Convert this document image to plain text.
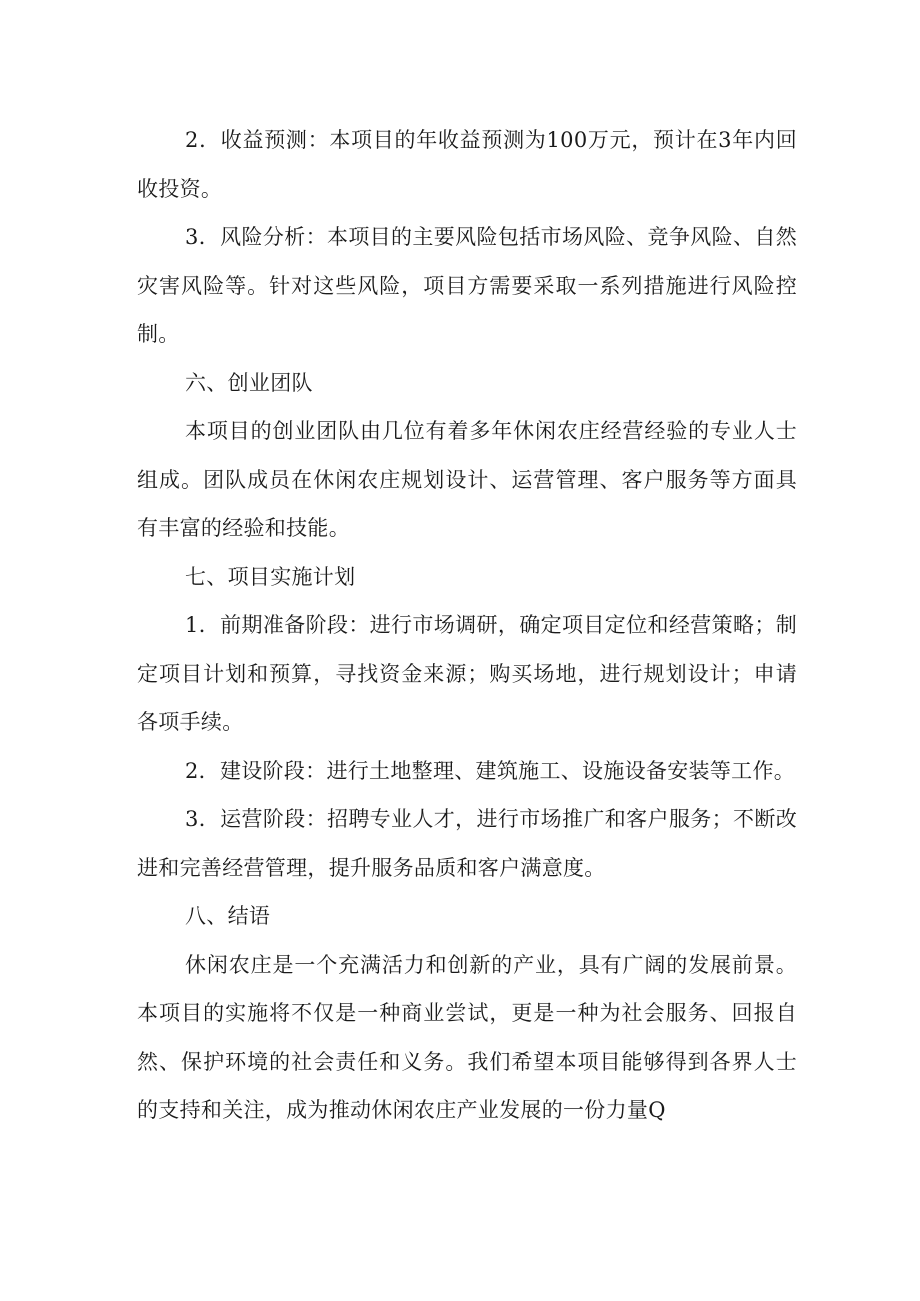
2．收益预测：本项目的年收益预测为100万元，预计在3年内回收投资。

3．风险分析：本项目的主要风险包括市场风险、竞争风险、自然灾害风险等。针对这些风险，项目方需要采取一系列措施进行风险控制。

六、创业团队

本项目的创业团队由几位有着多年休闲农庄经营经验的专业人士组成。团队成员在休闲农庄规划设计、运营管理、客户服务等方面具有丰富的经验和技能。

七、项目实施计划

1．前期准备阶段：进行市场调研，确定项目定位和经营策略；制定项目计划和预算，寻找资金来源；购买场地，进行规划设计；申请各项手续。

2．建设阶段：进行土地整理、建筑施工、设施设备安装等工作。

3．运营阶段：招聘专业人才，进行市场推广和客户服务；不断改进和完善经营管理，提升服务品质和客户满意度。

八、结语

休闲农庄是一个充满活力和创新的产业，具有广阔的发展前景。本项目的实施将不仅是一种商业尝试，更是一种为社会服务、回报自然、保护环境的社会责任和义务。我们希望本项目能够得到各界人士的支持和关注，成为推动休闲农庄产业发展的一份力量Q
